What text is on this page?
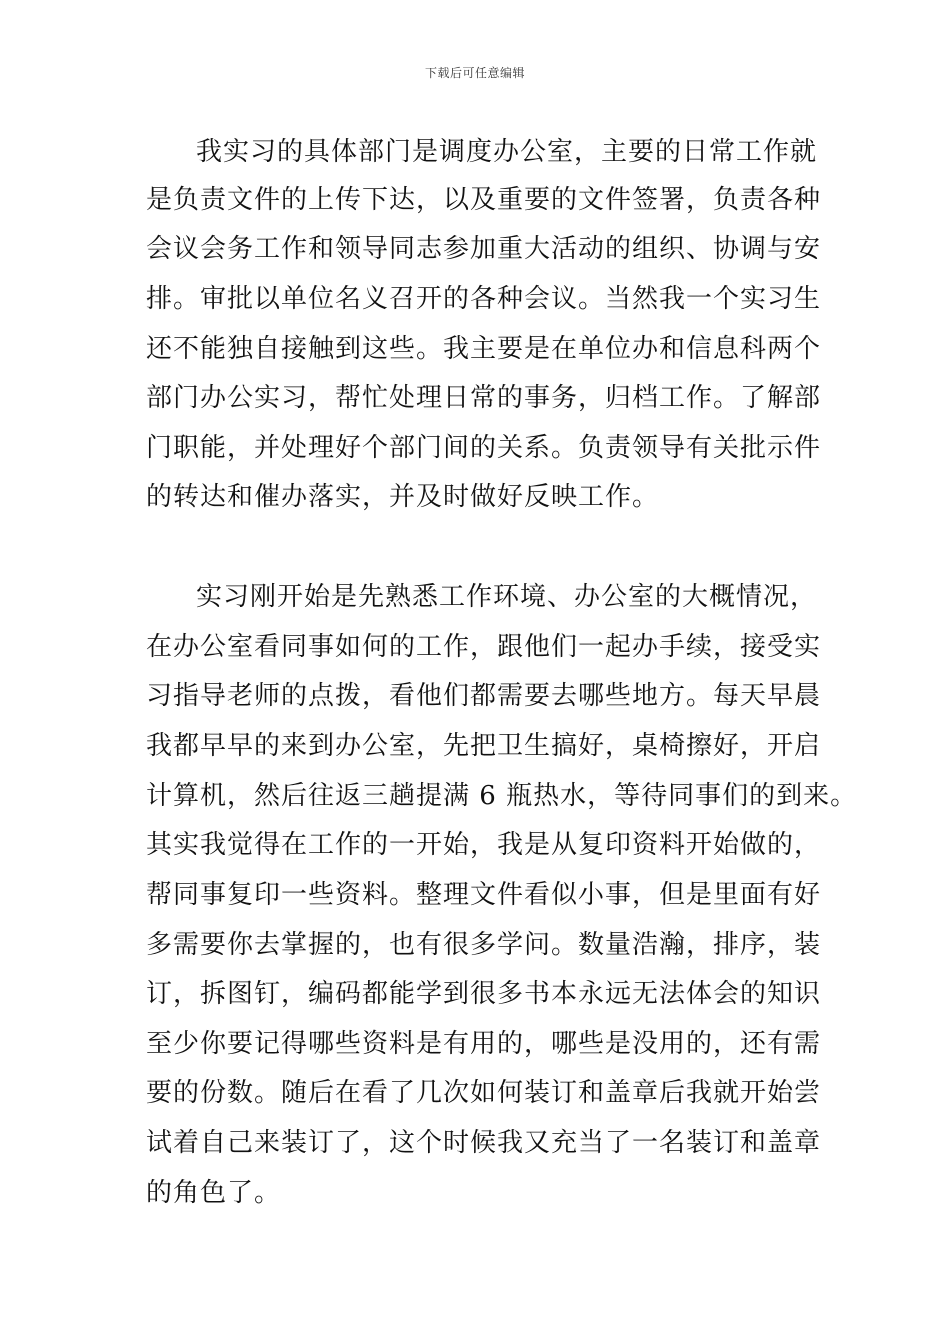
下载后可任意编辑
我实习的具体部门是调度办公室，主要的日常工作就
是负责文件的上传下达，以及重要的文件签署，负责各种
会议会务工作和领导同志参加重大活动的组织、协调与安
排。审批以单位名义召开的各种会议。当然我一个实习生
还不能独自接触到这些。我主要是在单位办和信息科两个
部门办公实习，帮忙处理日常的事务，归档工作。了解部
门职能，并处理好个部门间的关系。负责领导有关批示件
的转达和催办落实，并及时做好反映工作。
实习刚开始是先熟悉工作环境、办公室的大概情况，
在办公室看同事如何的工作，跟他们一起办手续，接受实
习指导老师的点拨，看他们都需要去哪些地方。每天早晨
我都早早的来到办公室，先把卫生搞好，桌椅擦好，开启
计算机，然后往返三趟提满 6 瓶热水，等待同事们的到来。
其实我觉得在工作的一开始，我是从复印资料开始做的，
帮同事复印一些资料。整理文件看似小事，但是里面有好
多需要你去掌握的，也有很多学问。数量浩瀚，排序，装
订，拆图钉，编码都能学到很多书本永远无法体会的知识
至少你要记得哪些资料是有用的，哪些是没用的，还有需
要的份数。随后在看了几次如何装订和盖章后我就开始尝
试着自己来装订了，这个时候我又充当了一名装订和盖章
的角色了。
